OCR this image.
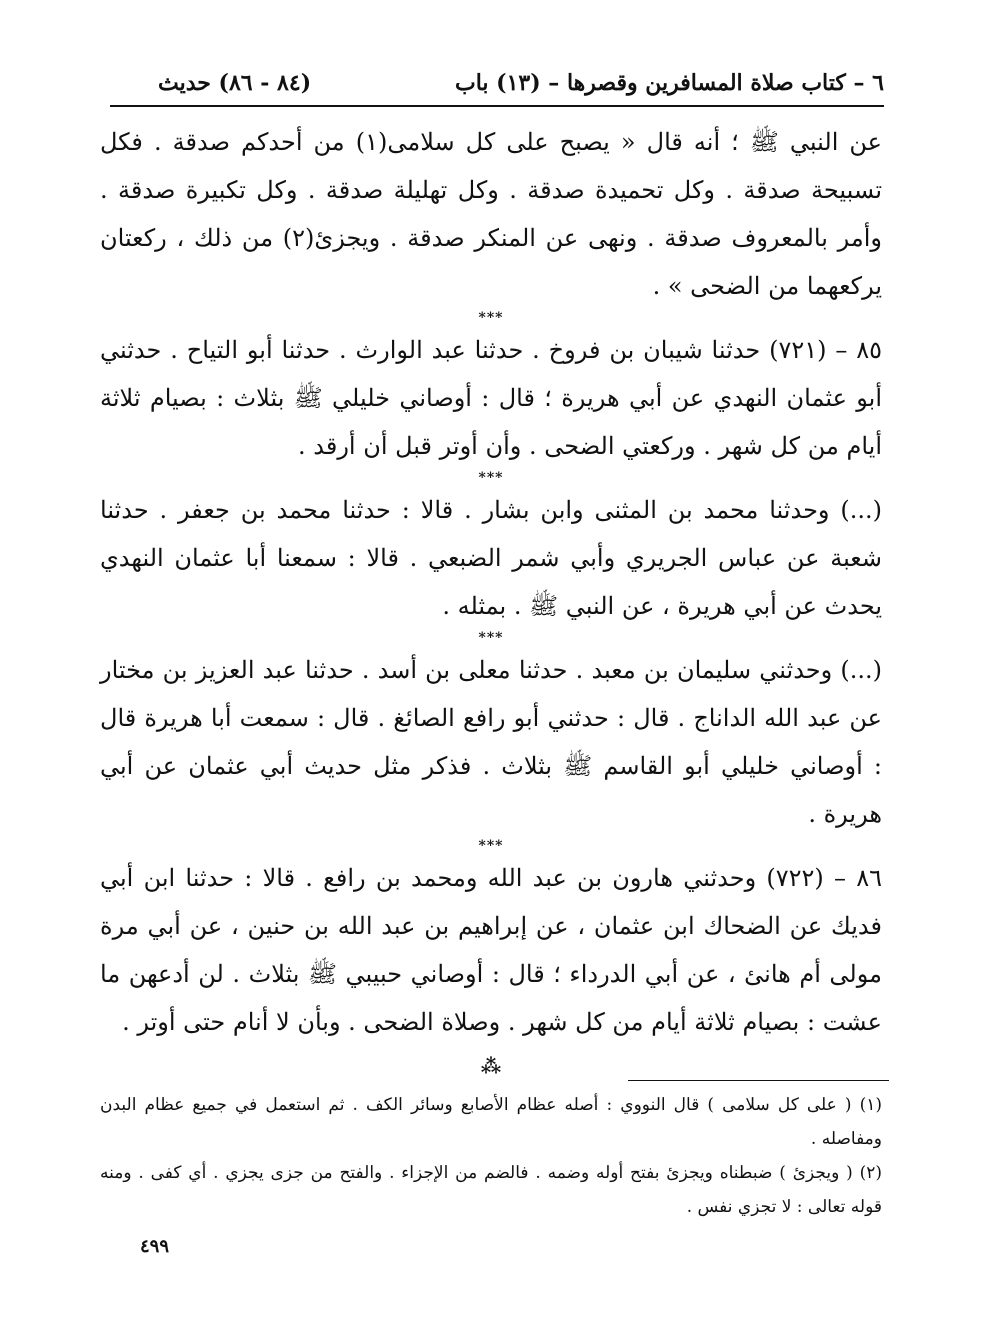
٦ – كتاب صلاة المسافرين وقصرها – (١٣) باب
(٨٤ - ٨٦) حديث

عن النبي ﷺ ؛ أنه قال « يصبح على كل سلامى(١) من أحدكم صدقة . فكل تسبيحة صدقة . وكل تحميدة صدقة . وكل تهليلة صدقة . وكل تكبيرة صدقة . وأمر بالمعروف صدقة . ونهى عن المنكر صدقة . ويجزئ(٢) من ذلك ، ركعتان يركعهما من الضحى » .

***

٨٥ – (٧٢١) حدثنا شيبان بن فروخ . حدثنا عبد الوارث . حدثنا أبو التياح . حدثني أبو عثمان النهدي عن أبي هريرة ؛ قال : أوصاني خليلي ﷺ بثلاث : بصيام ثلاثة أيام من كل شهر . وركعتي الضحى . وأن أوتر قبل أن أرقد .

***

(...) وحدثنا محمد بن المثنى وابن بشار . قالا : حدثنا محمد بن جعفر . حدثنا شعبة عن عباس الجريري وأبي شمر الضبعي . قالا : سمعنا أبا عثمان النهدي يحدث عن أبي هريرة ، عن النبي ﷺ . بمثله .

***

(...) وحدثني سليمان بن معبد . حدثنا معلى بن أسد . حدثنا عبد العزيز بن مختار عن عبد الله الداناج . قال : حدثني أبو رافع الصائغ . قال : سمعت أبا هريرة قال : أوصاني خليلي أبو القاسم ﷺ بثلاث . فذكر مثل حديث أبي عثمان عن أبي هريرة .

***

٨٦ – (٧٢٢) وحدثني هارون بن عبد الله ومحمد بن رافع . قالا : حدثنا ابن أبي فديك عن الضحاك ابن عثمان ، عن إبراهيم بن عبد الله بن حنين ، عن أبي مرة مولى أم هانئ ، عن أبي الدرداء ؛ قال : أوصاني حبيبي ﷺ بثلاث . لن أدعهن ما عشت : بصيام ثلاثة أيام من كل شهر . وصلاة الضحى . وبأن لا أنام حتى أوتر .

⁂

(١) ( على كل سلامى ) قال النووي : أصله عظام الأصابع وسائر الكف . ثم استعمل في جميع عظام البدن ومفاصله .

(٢) ( ويجزئ ) ضبطناه ويجزئ بفتح أوله وضمه . فالضم من الإجزاء . والفتح من جزى يجزي . أي كفى . ومنه قوله تعالى : لا تجزي نفس .

٤٩٩
